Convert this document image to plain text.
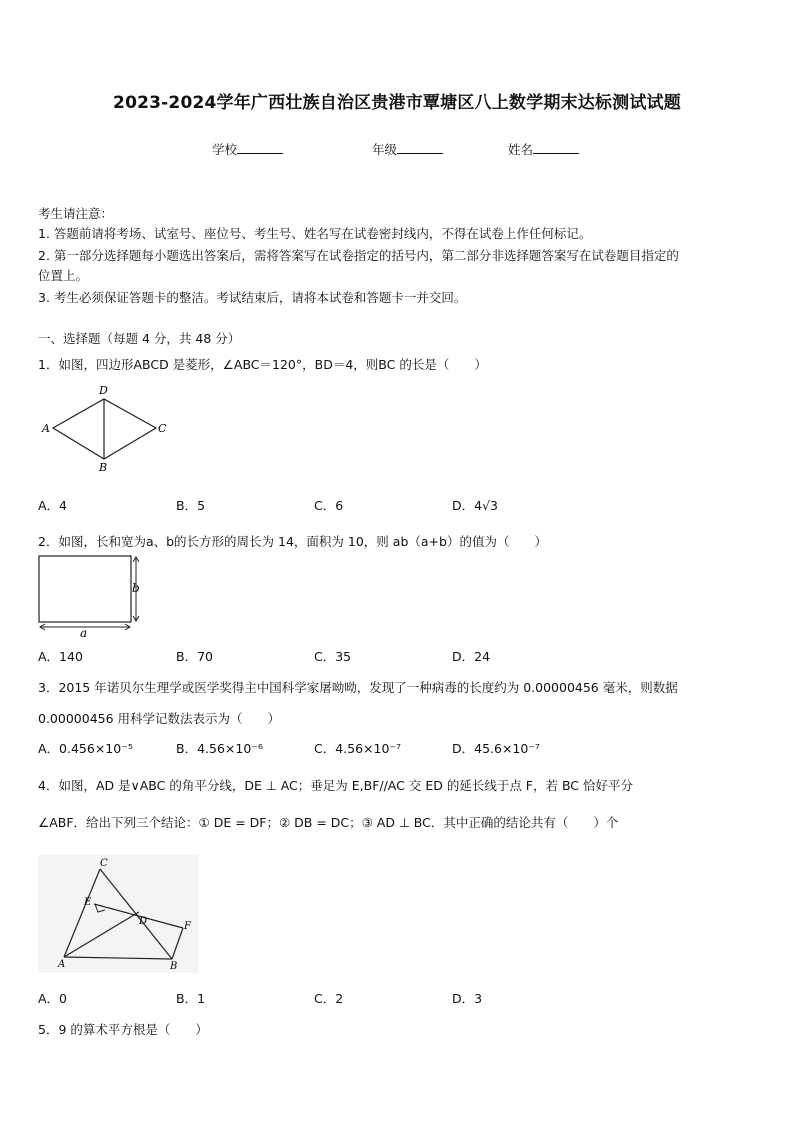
2023-2024学年广西壮族自治区贵港市覃塘区八上数学期末达标测试试题
学校	年级	姓名
考生请注意：
1. 答题前请将考场、试室号、座位号、考生号、姓名写在试卷密封线内，不得在试卷上作任何标记。
2. 第一部分选择题每小题选出答案后，需将答案写在试卷指定的括号内，第二部分非选择题答案写在试卷题目指定的
位置上。
3. 考生必须保证答题卡的整洁。考试结束后，请将本试卷和答题卡一并交回。
一、选择题（每题 4 分，共 48 分）
1．如图，四边形ABCD 是菱形，∠ABC＝120°，BD＝4，则BC 的长是（　　）
A
B
C
D
A．4	B．5	C．6	D．4√3
2．如图，长和宽为a、b的长方形的周长为 14，面积为 10，则 ab（a+b）的值为（　　）
a
b
A．140	B．70	C．35	D．24
3．2015 年诺贝尔生理学或医学奖得主中国科学家屠呦呦，发现了一种病毒的长度约为 0.00000456 毫米，则数据
0.00000456 用科学记数法表示为（　　）
A．0.456×10⁻⁵	B．4.56×10⁻⁶	C．4.56×10⁻⁷	D．45.6×10⁻⁷
4．如图，AD 是∨ABC 的角平分线，DE ⊥ AC；垂足为 E,BF//AC 交 ED 的延长线于点 F，若 BC 恰好平分
∠ABF．给出下列三个结论：① DE = DF；② DB = DC；③ AD ⊥ BC．其中正确的结论共有（　　）个
C
E
D	F
A	B
A．0	B．1	C．2	D．3
5．9 的算术平方根是（　　）
